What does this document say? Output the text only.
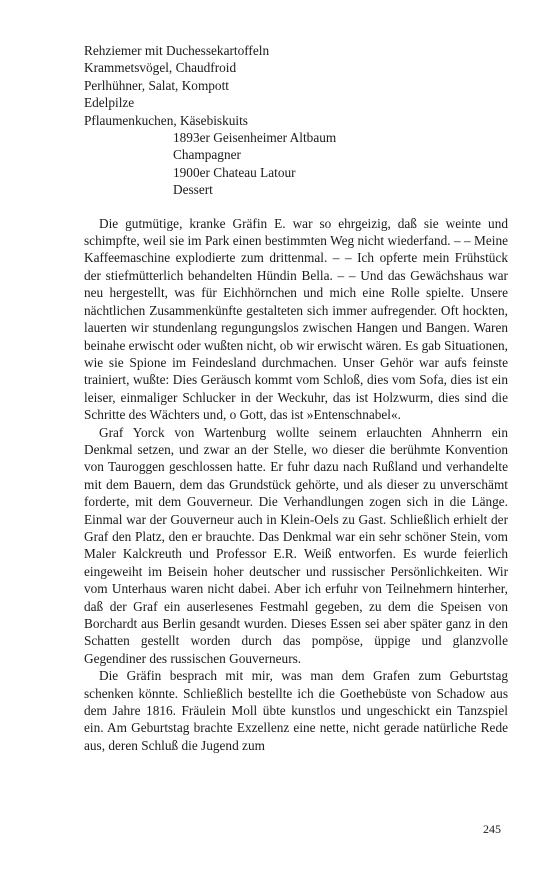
Rehziemer mit Duchessekartoffeln
Krammetsvögel, Chaudfroid
Perlhühner, Salat, Kompott
Edelpilze
Pflaumenkuchen, Käsebiskuits
1893er Geisenheimer Altbaum
Champagner
1900er Chateau Latour
Dessert

Die gutmütige, kranke Gräfin E. war so ehrgeizig, daß sie weinte und schimpfte, weil sie im Park einen bestimmten Weg nicht wiederfand. – – Meine Kaffeemaschine explodierte zum drittenmal. – – Ich opferte mein Frühstück der stiefmütterlich behandelten Hündin Bella. – – Und das Gewächshaus war neu hergestellt, was für Eichhörnchen und mich eine Rolle spielte. Unsere nächtlichen Zusammenkünfte gestalteten sich immer aufregender. Oft hockten, lauerten wir stundenlang regungungslos zwischen Hangen und Bangen. Waren beinahe erwischt oder wußten nicht, ob wir erwischt wären. Es gab Situationen, wie sie Spione im Feindesland durchmachen. Unser Gehör war aufs feinste trainiert, wußte: Dies Geräusch kommt vom Schloß, dies vom Sofa, dies ist ein leiser, einmaliger Schlucker in der Weckuhr, das ist Holzwurm, dies sind die Schritte des Wächters und, o Gott, das ist »Entenschnabel«.

Graf Yorck von Wartenburg wollte seinem erlauchten Ahnherrn ein Denkmal setzen, und zwar an der Stelle, wo dieser die berühmte Konvention von Tauroggen geschlossen hatte. Er fuhr dazu nach Rußland und verhandelte mit dem Bauern, dem das Grundstück gehörte, und als dieser zu unverschämt forderte, mit dem Gouverneur. Die Verhandlungen zogen sich in die Länge. Einmal war der Gouverneur auch in Klein-Oels zu Gast. Schließlich erhielt der Graf den Platz, den er brauchte. Das Denkmal war ein sehr schöner Stein, vom Maler Kalckreuth und Professor E.R. Weiß entworfen. Es wurde feierlich eingeweiht im Beisein hoher deutscher und russischer Persönlichkeiten. Wir vom Unterhaus waren nicht dabei. Aber ich erfuhr von Teilnehmern hinterher, daß der Graf ein auserlesenes Festmahl gegeben, zu dem die Speisen von Borchardt aus Berlin gesandt wurden. Dieses Essen sei aber später ganz in den Schatten gestellt worden durch das pompöse, üppige und glanzvolle Gegendiner des russischen Gouverneurs.

Die Gräfin besprach mit mir, was man dem Grafen zum Geburtstag schenken könnte. Schließlich bestellte ich die Goethebüste von Schadow aus dem Jahre 1816. Fräulein Moll übte kunstlos und ungeschickt ein Tanzspiel ein. Am Geburtstag brachte Exzellenz eine nette, nicht gerade natürliche Rede aus, deren Schluß die Jugend zum

245
